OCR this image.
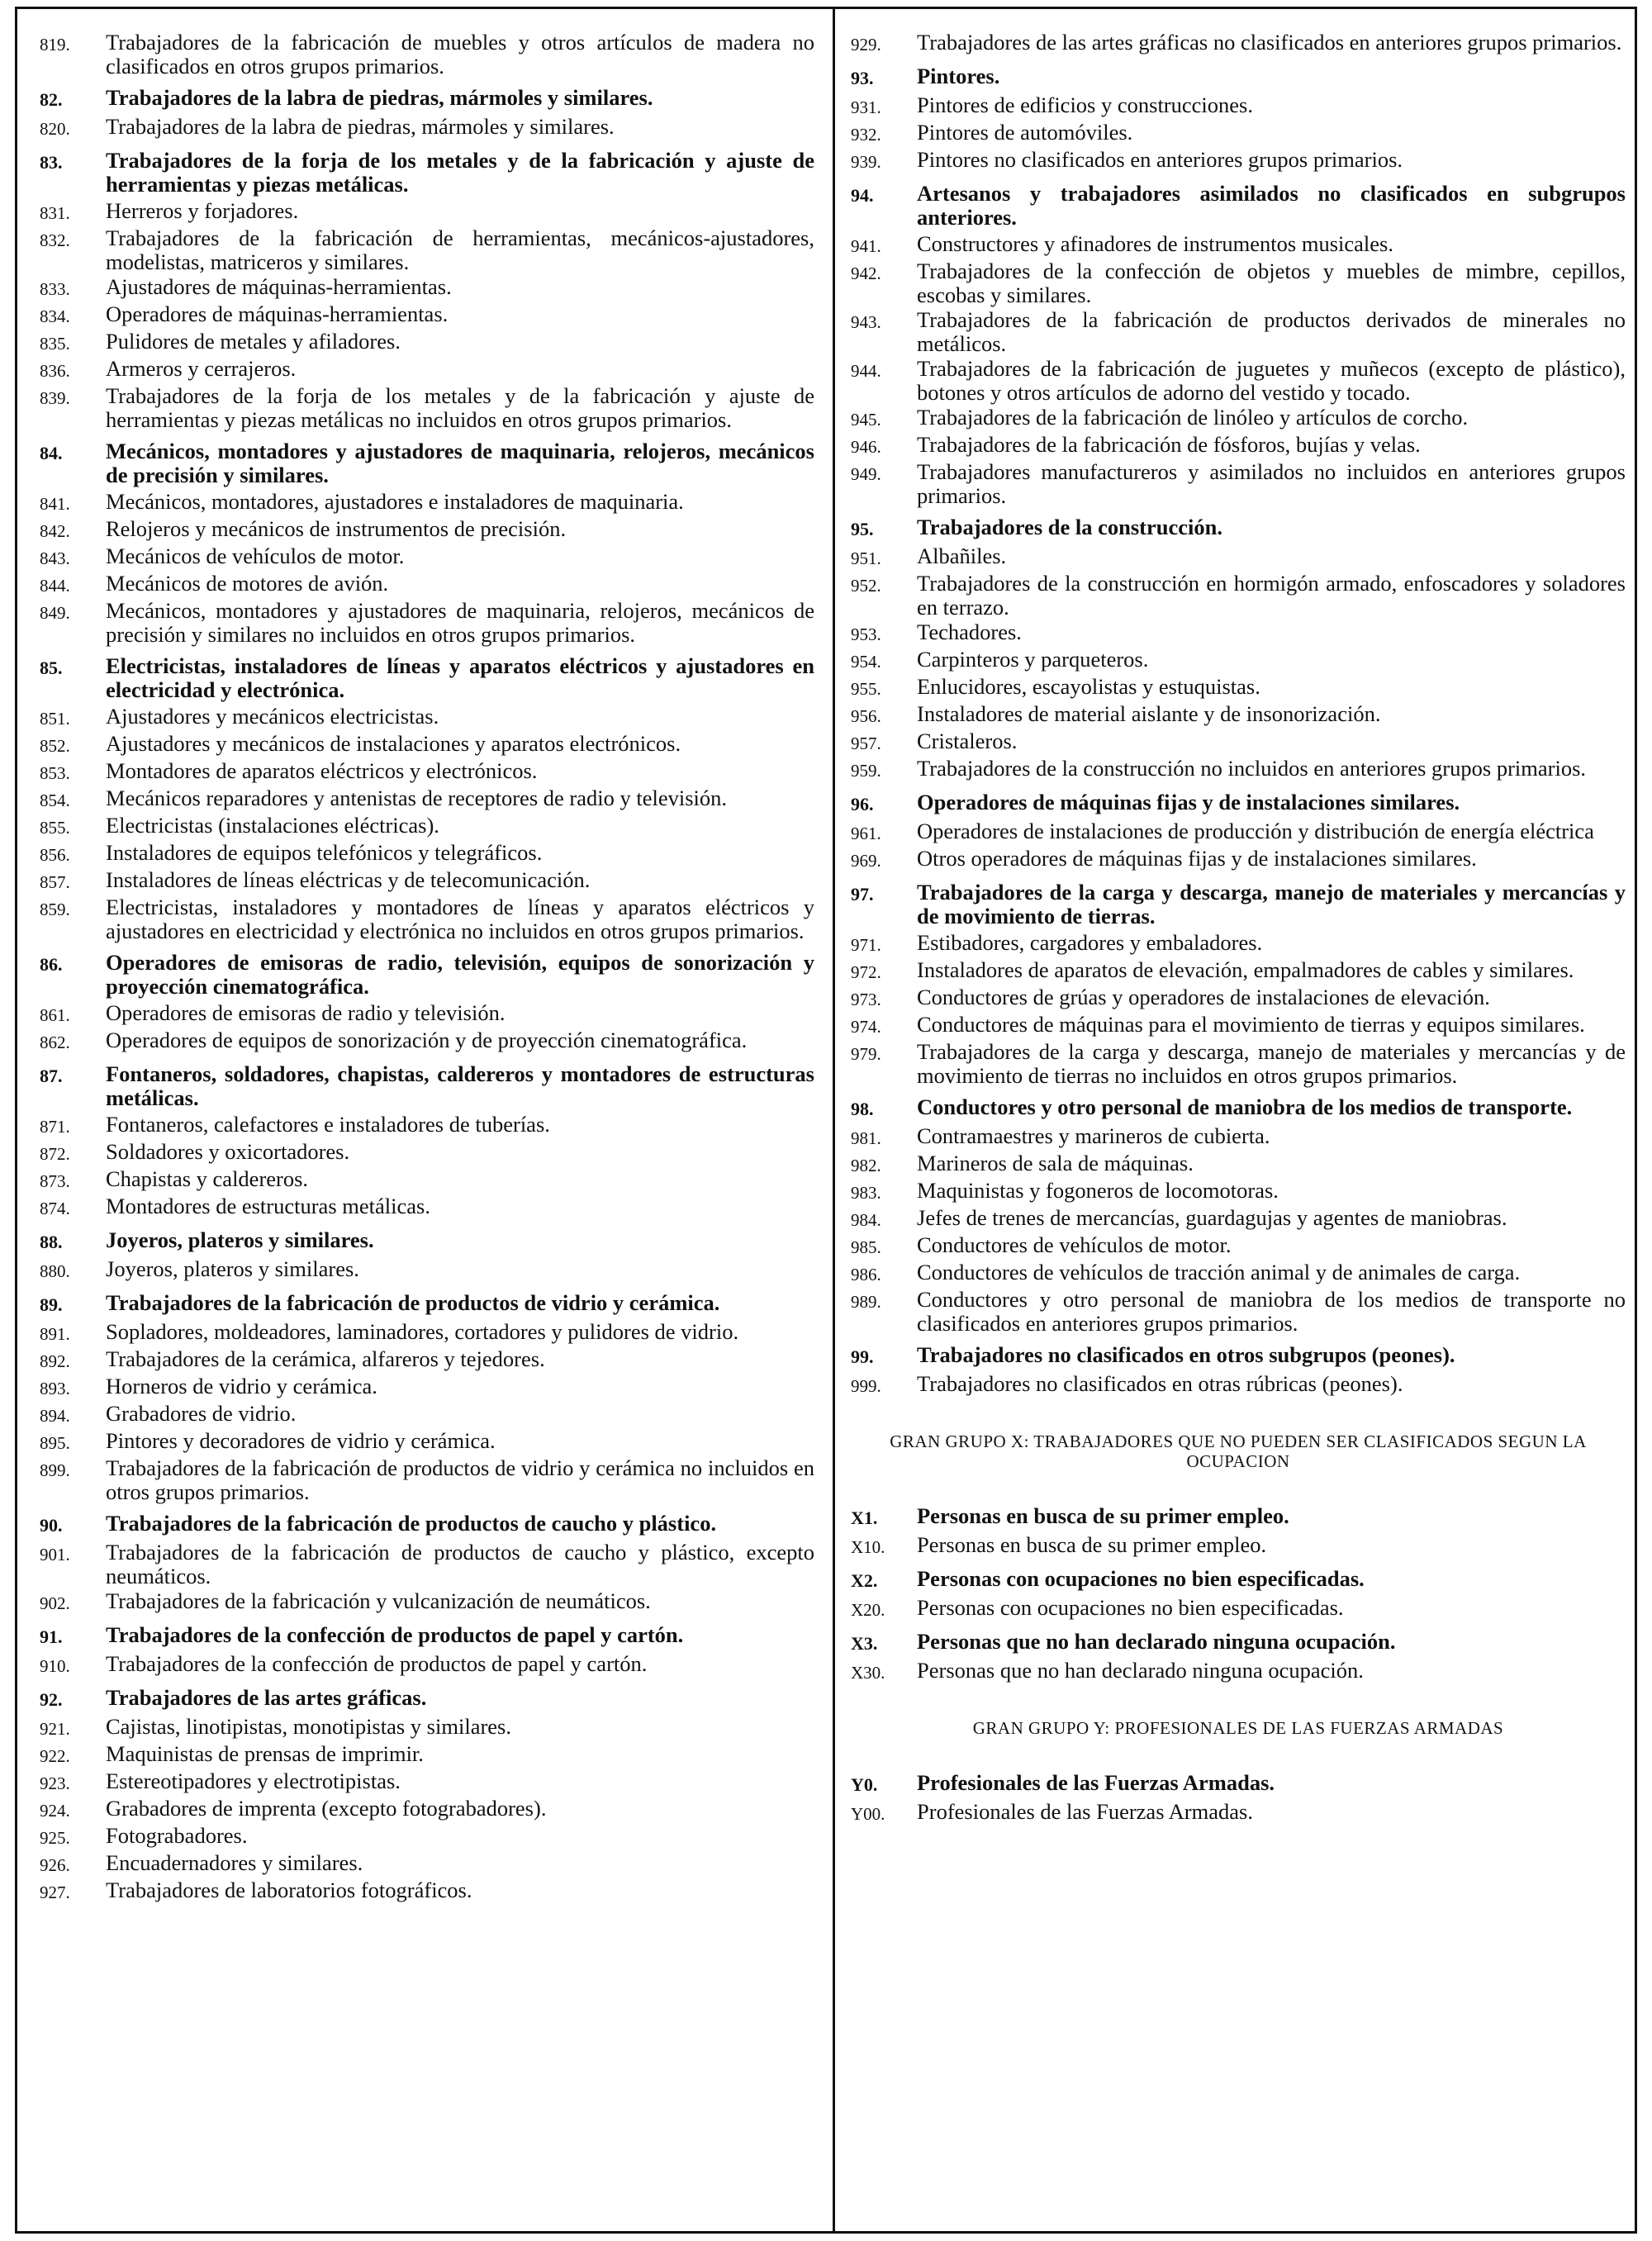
819.	Trabajadores de la fabricación de muebles y otros artículos de madera no clasificados en otros grupos primarios.
82.	Trabajadores de la labra de piedras, mármoles y similares.
820.	Trabajadores de la labra de piedras, mármoles y similares.
83.	Trabajadores de la forja de los metales y de la fabricación y ajuste de herramientas y piezas metálicas.
831.	Herreros y forjadores.
832.	Trabajadores de la fabricación de herramientas, mecánicos-ajustadores, modelistas, matriceros y similares.
833.	Ajustadores de máquinas-herramientas.
834.	Operadores de máquinas-herramientas.
835.	Pulidores de metales y afiladores.
836.	Armeros y cerrajeros.
839.	Trabajadores de la forja de los metales y de la fabricación y ajuste de herramientas y piezas metálicas no incluidos en otros grupos primarios.
84.	Mecánicos, montadores y ajustadores de maquinaria, relojeros, mecánicos de precisión y similares.
841.	Mecánicos, montadores, ajustadores e instaladores de maquinaria.
842.	Relojeros y mecánicos de instrumentos de precisión.
843.	Mecánicos de vehículos de motor.
844.	Mecánicos de motores de avión.
849.	Mecánicos, montadores y ajustadores de maquinaria, relojeros, mecánicos de precisión y similares no incluidos en otros grupos primarios.
85.	Electricistas, instaladores de líneas y aparatos eléctricos y ajustadores en electricidad y electrónica.
851.	Ajustadores y mecánicos electricistas.
852.	Ajustadores y mecánicos de instalaciones y aparatos electrónicos.
853.	Montadores de aparatos eléctricos y electrónicos.
854.	Mecánicos reparadores y antenistas de receptores de radio y televisión.
855.	Electricistas (instalaciones eléctricas).
856.	Instaladores de equipos telefónicos y telegráficos.
857.	Instaladores de líneas eléctricas y de telecomunicación.
859.	Electricistas, instaladores y montadores de líneas y aparatos eléctricos y ajustadores en electricidad y electrónica no incluidos en otros grupos primarios.
86.	Operadores de emisoras de radio, televisión, equipos de sonorización y proyección cinematográfica.
861.	Operadores de emisoras de radio y televisión.
862.	Operadores de equipos de sonorización y de proyección cinematográfica.
87.	Fontaneros, soldadores, chapistas, caldereros y montadores de estructuras metálicas.
871.	Fontaneros, calefactores e instaladores de tuberías.
872.	Soldadores y oxicortadores.
873.	Chapistas y caldereros.
874.	Montadores de estructuras metálicas.
88.	Joyeros, plateros y similares.
880.	Joyeros, plateros y similares.
89.	Trabajadores de la fabricación de productos de vidrio y cerámica.
891.	Sopladores, moldeadores, laminadores, cortadores y pulidores de vidrio.
892.	Trabajadores de la cerámica, alfareros y tejedores.
893.	Horneros de vidrio y cerámica.
894.	Grabadores de vidrio.
895.	Pintores y decoradores de vidrio y cerámica.
899.	Trabajadores de la fabricación de productos de vidrio y cerámica no incluidos en otros grupos primarios.
90.	Trabajadores de la fabricación de productos de caucho y plástico.
901.	Trabajadores de la fabricación de productos de caucho y plástico, excepto neumáticos.
902.	Trabajadores de la fabricación y vulcanización de neumáticos.
91.	Trabajadores de la confección de productos de papel y cartón.
910.	Trabajadores de la confección de productos de papel y cartón.
92.	Trabajadores de las artes gráficas.
921.	Cajistas, linotipistas, monotipistas y similares.
922.	Maquinistas de prensas de imprimir.
923.	Estereotipadores y electrotipistas.
924.	Grabadores de imprenta (excepto fotograbadores).
925.	Fotograbadores.
926.	Encuadernadores y similares.
927.	Trabajadores de laboratorios fotográficos.
929.	Trabajadores de las artes gráficas no clasificados en anteriores grupos primarios.
93.	Pintores.
931.	Pintores de edificios y construcciones.
932.	Pintores de automóviles.
939.	Pintores no clasificados en anteriores grupos primarios.
94.	Artesanos y trabajadores asimilados no clasificados en subgrupos anteriores.
941.	Constructores y afinadores de instrumentos musicales.
942.	Trabajadores de la confección de objetos y muebles de mimbre, cepillos, escobas y similares.
943.	Trabajadores de la fabricación de productos derivados de minerales no metálicos.
944.	Trabajadores de la fabricación de juguetes y muñecos (excepto de plástico), botones y otros artículos de adorno del vestido y tocado.
945.	Trabajadores de la fabricación de linóleo y artículos de corcho.
946.	Trabajadores de la fabricación de fósforos, bujías y velas.
949.	Trabajadores manufactureros y asimilados no incluidos en anteriores grupos primarios.
95.	Trabajadores de la construcción.
951.	Albañiles.
952.	Trabajadores de la construcción en hormigón armado, enfoscadores y soladores en terrazo.
953.	Techadores.
954.	Carpinteros y parqueteros.
955.	Enlucidores, escayolistas y estuquistas.
956.	Instaladores de material aislante y de insonorización.
957.	Cristaleros.
959.	Trabajadores de la construcción no incluidos en anteriores grupos primarios.
96.	Operadores de máquinas fijas y de instalaciones similares.
961.	Operadores de instalaciones de producción y distribución de energía eléctrica
969.	Otros operadores de máquinas fijas y de instalaciones similares.
97.	Trabajadores de la carga y descarga, manejo de materiales y mercancías y de movimiento de tierras.
971.	Estibadores, cargadores y embaladores.
972.	Instaladores de aparatos de elevación, empalmadores de cables y similares.
973.	Conductores de grúas y operadores de instalaciones de elevación.
974.	Conductores de máquinas para el movimiento de tierras y equipos similares.
979.	Trabajadores de la carga y descarga, manejo de materiales y mercancías y de movimiento de tierras no incluidos en otros grupos primarios.
98.	Conductores y otro personal de maniobra de los medios de transporte.
981.	Contramaestres y marineros de cubierta.
982.	Marineros de sala de máquinas.
983.	Maquinistas y fogoneros de locomotoras.
984.	Jefes de trenes de mercancías, guardagujas y agentes de maniobras.
985.	Conductores de vehículos de motor.
986.	Conductores de vehículos de tracción animal y de animales de carga.
989.	Conductores y otro personal de maniobra de los medios de transporte no clasificados en anteriores grupos primarios.
99.	Trabajadores no clasificados en otros subgrupos (peones).
999.	Trabajadores no clasificados en otras rúbricas (peones).
GRAN GRUPO X: TRABAJADORES QUE NO PUEDEN SER CLASIFICADOS SEGUN LA OCUPACION
X1.	Personas en busca de su primer empleo.
X10.	Personas en busca de su primer empleo.
X2.	Personas con ocupaciones no bien especificadas.
X20.	Personas con ocupaciones no bien especificadas.
X3.	Personas que no han declarado ninguna ocupación.
X30.	Personas que no han declarado ninguna ocupación.
GRAN GRUPO Y: PROFESIONALES DE LAS FUERZAS ARMADAS
Y0.	Profesionales de las Fuerzas Armadas.
Y00.	Profesionales de las Fuerzas Armadas.
